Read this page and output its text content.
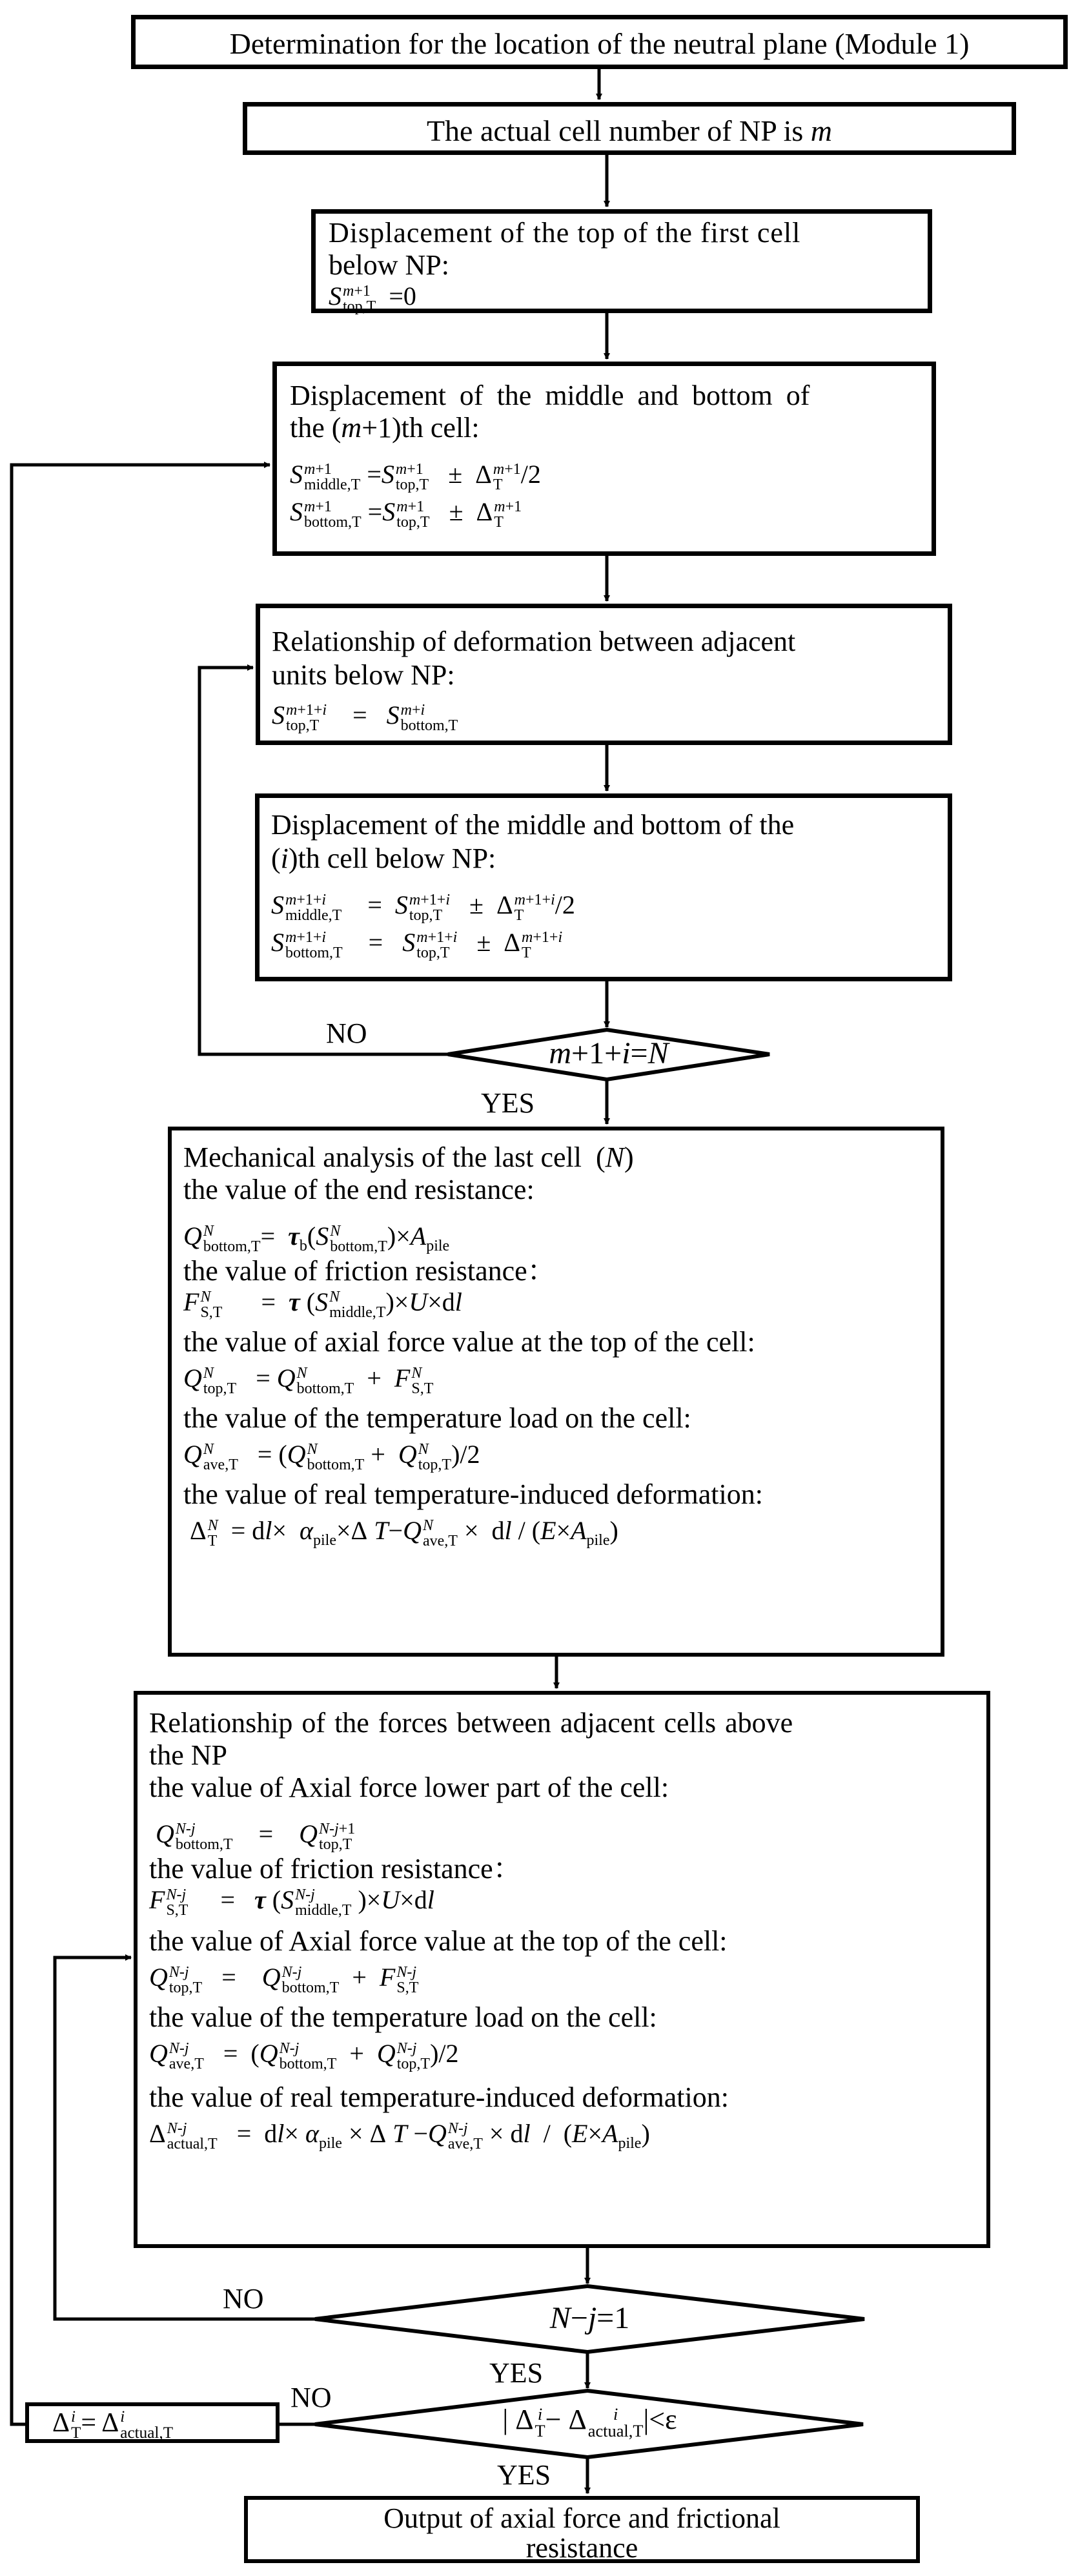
Determination for the location of the neutral plane (Module 1)
The actual cell number of NP is m
Displacement of the top of the first cell
below NP:
S m+1
top,T =0
Displacement of the middle and bottom of
the (m+1)th cell:
S m+1
middle,T =S m+1
top,T ±  Δ m+1
T /2
S m+1
bottom,T =S m+1
top,T ±  Δ m+1
T
Relationship of deformation between adjacent
units below NP:
S m+1+i
top,T =   S m+i
bottom,T
Displacement of the middle and bottom of the
(i)th cell below NP:
S m+1+i
middle,T =  S m+1+i
top,T ±  Δ m+1+i
T	/2
S m+1+i
bottom,T =   S m+1+i
top,T ±  Δ m+1+i
T
m+1+i=N
NO
YES
Mechanical analysis of the last cell  (N)
the value of the end resistance:
Q N
bottom,T =  $\tau_b(S$ N
bottom,T )$\times A_{pile}$
the value of friction resistance：
F N
S,T =  τ (S N
middle,T )×U×dl
the value of axial force value at the top of the cell:
Q N
top,T = Q N
bottom,T +  F N
S,T
the value of the temperature load on the cell:
Q N
ave,T = (Q N
bottom,T +  Q N
top,T )/2
the value of real temperature-induced deformation:
Δ N
$T = dl\times \alpha_{pile}\times\Delta$ T−Q N
ave,T ×  dl / $(E\times A_{pile})$
Relationship of the forces between adjacent cells above
the NP
the value of Axial force lower part of the cell:
Q N-j
bottom,T =    Q N-j+1
top,T
the value of friction resistance：
F N-j
S,T =   τ (S N-j
middle,T )×U×dl
the value of Axial force value at the top of the cell:
Q N-j
top,T =    Q N-j
bottom,T +  F N-j
S,T
the value of the temperature load on the cell:
Q N-j
ave,T =  (Q N-j
bottom,T +  Q N-j
top,T )/2
the value of real temperature-induced deformation:
Δ N-j
actual,T =  $dl\times \alpha_{pile} \times \Delta$ T −Q N-j
ave,T × dl  /  $(E\times A_{pile})$
N−j=1
NO
YES
| Δ i
T − Δ	i
actual,T |<ε
NO
YES
Δ i
T = Δ i
actual,T
Output of axial force and frictional
resistance
